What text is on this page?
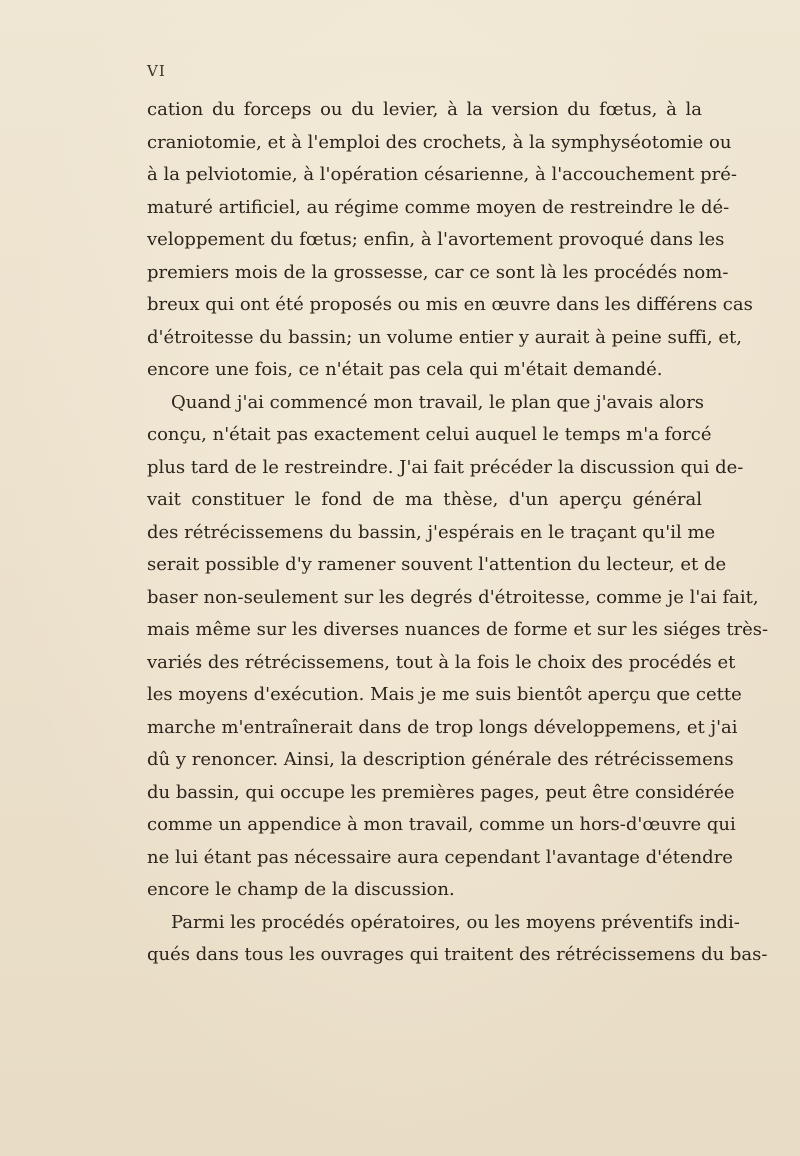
VI
cation du forceps ou du levier, à la version du fœtus, à la
craniotomie, et à l'emploi des crochets, à la symphyséotomie ou
à la pelviotomie, à l'opération césarienne, à l'accouchement pré-
maturé artificiel, au régime comme moyen de restreindre le dé-
veloppement du fœtus; enfin, à l'avortement provoqué dans les
premiers mois de la grossesse, car ce sont là les procédés nom-
breux qui ont été proposés ou mis en œuvre dans les différens cas
d'étroitesse du bassin; un volume entier y aurait à peine suffi, et,
encore une fois, ce n'était pas cela qui m'était demandé.
Quand j'ai commencé mon travail, le plan que j'avais alors
conçu, n'était pas exactement celui auquel le temps m'a forcé
plus tard de le restreindre. J'ai fait précéder la discussion qui de-
vait constituer le fond de ma thèse, d'un aperçu général
des rétrécissemens du bassin, j'espérais en le traçant qu'il me
serait possible d'y ramener souvent l'attention du lecteur, et de
baser non-seulement sur les degrés d'étroitesse, comme je l'ai fait,
mais même sur les diverses nuances de forme et sur les siéges très-
variés des rétrécissemens, tout à la fois le choix des procédés et
les moyens d'exécution. Mais je me suis bientôt aperçu que cette
marche m'entraînerait dans de trop longs développemens, et j'ai
dû y renoncer. Ainsi, la description générale des rétrécissemens
du bassin, qui occupe les premières pages, peut être considérée
comme un appendice à mon travail, comme un hors-d'œuvre qui
ne lui étant pas nécessaire aura cependant l'avantage d'étendre
encore le champ de la discussion.
Parmi les procédés opératoires, ou les moyens préventifs indi-
qués dans tous les ouvrages qui traitent des rétrécissemens du bas-
